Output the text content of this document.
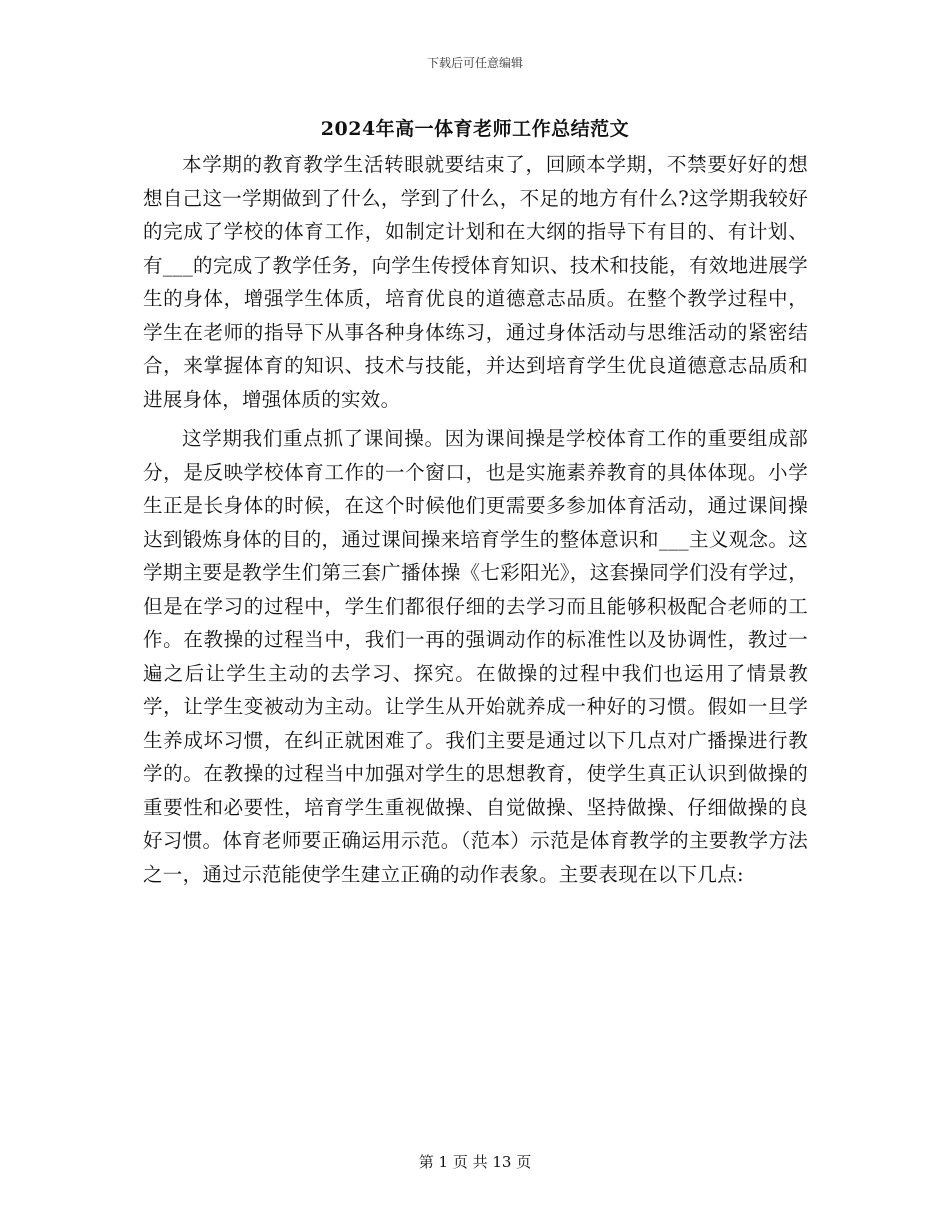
下载后可任意编辑
2024年高一体育老师工作总结范文

本学期的教育教学生活转眼就要结束了，回顾本学期，不禁要好好的想想自己这一学期做到了什么，学到了什么，不足的地方有什么?这学期我较好的完成了学校的体育工作，如制定计划和在大纲的指导下有目的、有计划、有___的完成了教学任务，向学生传授体育知识、技术和技能，有效地进展学生的身体，增强学生体质，培育优良的道德意志品质。在整个教学过程中，学生在老师的指导下从事各种身体练习，通过身体活动与思维活动的紧密结合，来掌握体育的知识、技术与技能，并达到培育学生优良道德意志品质和进展身体，增强体质的实效。

这学期我们重点抓了课间操。因为课间操是学校体育工作的重要组成部分，是反映学校体育工作的一个窗口，也是实施素养教育的具体体现。小学生正是长身体的时候，在这个时候他们更需要多参加体育活动，通过课间操达到锻炼身体的目的，通过课间操来培育学生的整体意识和___主义观念。这学期主要是教学生们第三套广播体操《七彩阳光》，这套操同学们没有学过，但是在学习的过程中，学生们都很仔细的去学习而且能够积极配合老师的工作。在教操的过程当中，我们一再的强调动作的标准性以及协调性，教过一遍之后让学生主动的去学习、探究。在做操的过程中我们也运用了情景教学，让学生变被动为主动。让学生从开始就养成一种好的习惯。假如一旦学生养成坏习惯，在纠正就困难了。我们主要是通过以下几点对广播操进行教学的。在教操的过程当中加强对学生的思想教育，使学生真正认识到做操的重要性和必要性，培育学生重视做操、自觉做操、坚持做操、仔细做操的良好习惯。体育老师要正确运用示范。（范本）示范是体育教学的主要教学方法之一，通过示范能使学生建立正确的动作表象。主要表现在以下几点:

第 1 页 共 13 页
